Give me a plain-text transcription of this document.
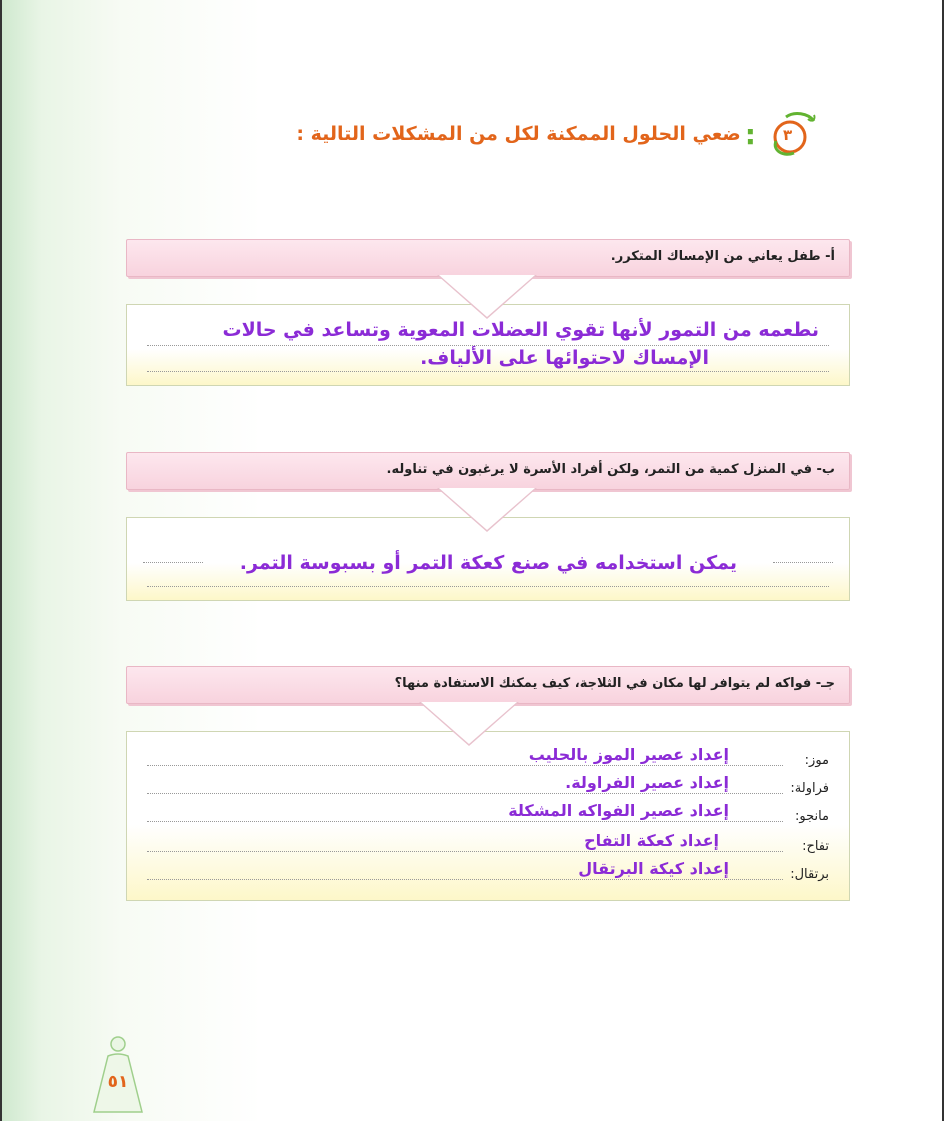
٣
:
ضعي الحلول الممكنة لكل من المشكلات التالية :
أ- طفل يعاني من الإمساك المتكرر.
نطعمه من التمور لأنها تقوي العضلات المعوية وتساعد في حالات
الإمساك لاحتوائها على الألياف.
ب- في المنزل كمية من التمر، ولكن أفراد الأسرة لا يرغبون في تناوله.
يمكن استخدامه في صنع كعكة التمر أو بسبوسة التمر.
جـ- فواكه لم يتوافر لها مكان في الثلاجة، كيف يمكنك الاستفادة منها؟
موز:
إعداد عصير الموز بالحليب
فراولة:
إعداد عصير الفراولة.
مانجو:
إعداد عصير الفواكه المشكلة
تفاح:
إعداد كعكة التفاح
برتقال:
إعداد كيكة البرتقال
٥١
